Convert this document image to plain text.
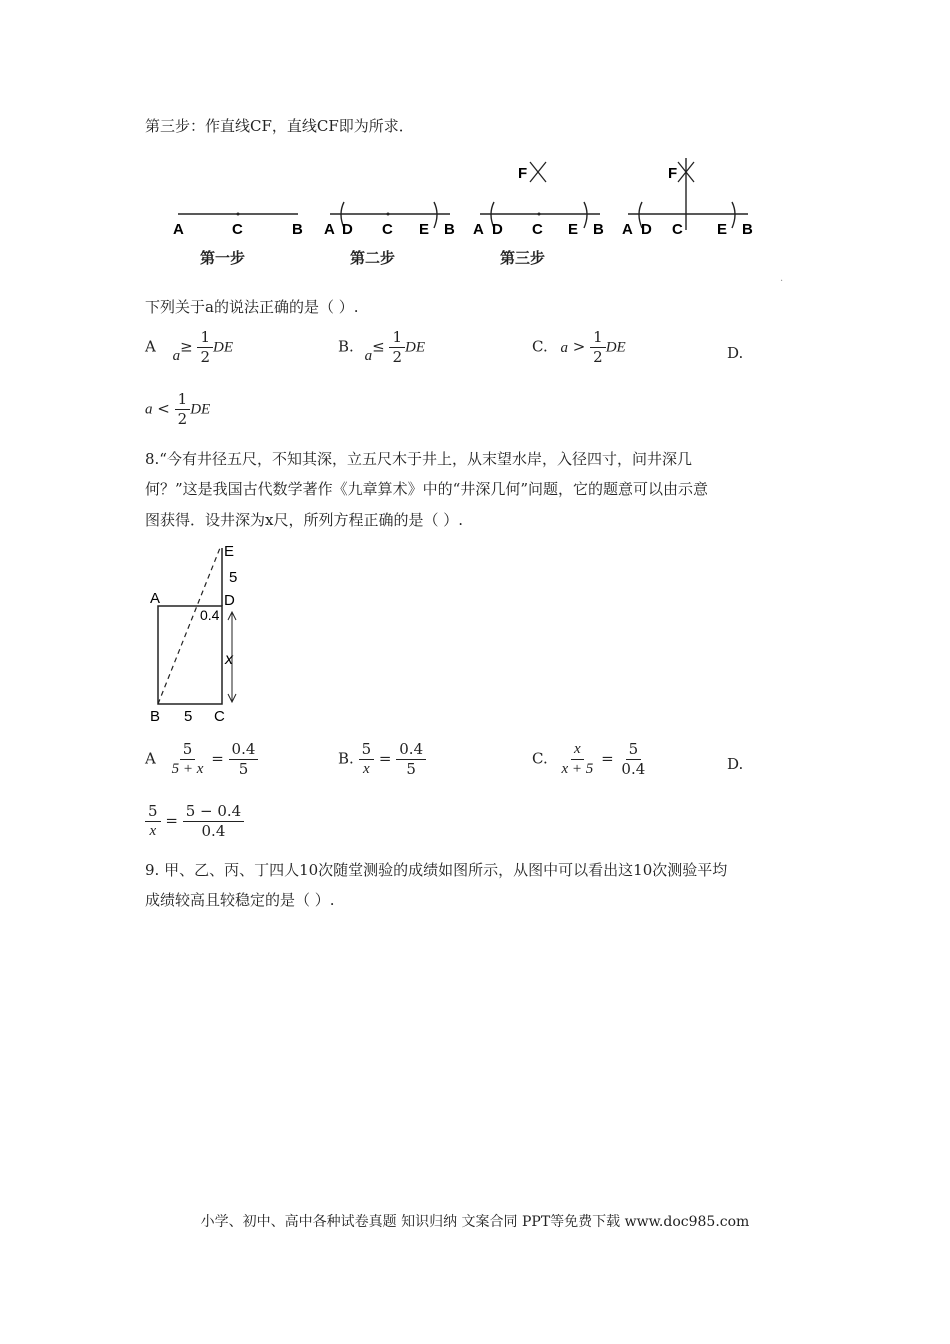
第三步：作直线CF，直线CF即为所求．
A	C	B A D C E B
F
A D C E B
F
A D C E B
第一步	第二步	第三步
·
下列关于a的说法正确的是（ ）.
A $a\ge \frac{1}{2}$ DE	B. $a\le \frac{1}{2}$ DE	C. $a > \frac{1}{2}$ DE	D.
$a < \frac{1}{2}$ DE
8.“今有井径五尺，不知其深，立五尺木于井上，从末望水岸，入径四寸，问井深几
何？”这是我国古代数学著作《九章算术》中的“井深几何”问题，它的题意可以由示意
图获得．设井深为x尺，所列方程正确的是（ ）.
E
5
A	D
0.4
x
B 5 C
A $\frac{5}{5 + x} = \frac{0.4}{5}$	B. $\frac{5}{x} = \frac{0.4}{5}$	C. $\frac{x}{x + 5} = \frac{5}{0.4}$	D.
$\frac{5}{x} = \frac{5 - 0.4}{0.4}$
9. 甲、乙、丙、丁四人10次随堂测验的成绩如图所示，从图中可以看出这10次测验平均
成绩较高且较稳定的是（ ）.
小学、初中、高中各种试卷真题 知识归纳 文案合同 PPT等免费下载 www.doc985.com
